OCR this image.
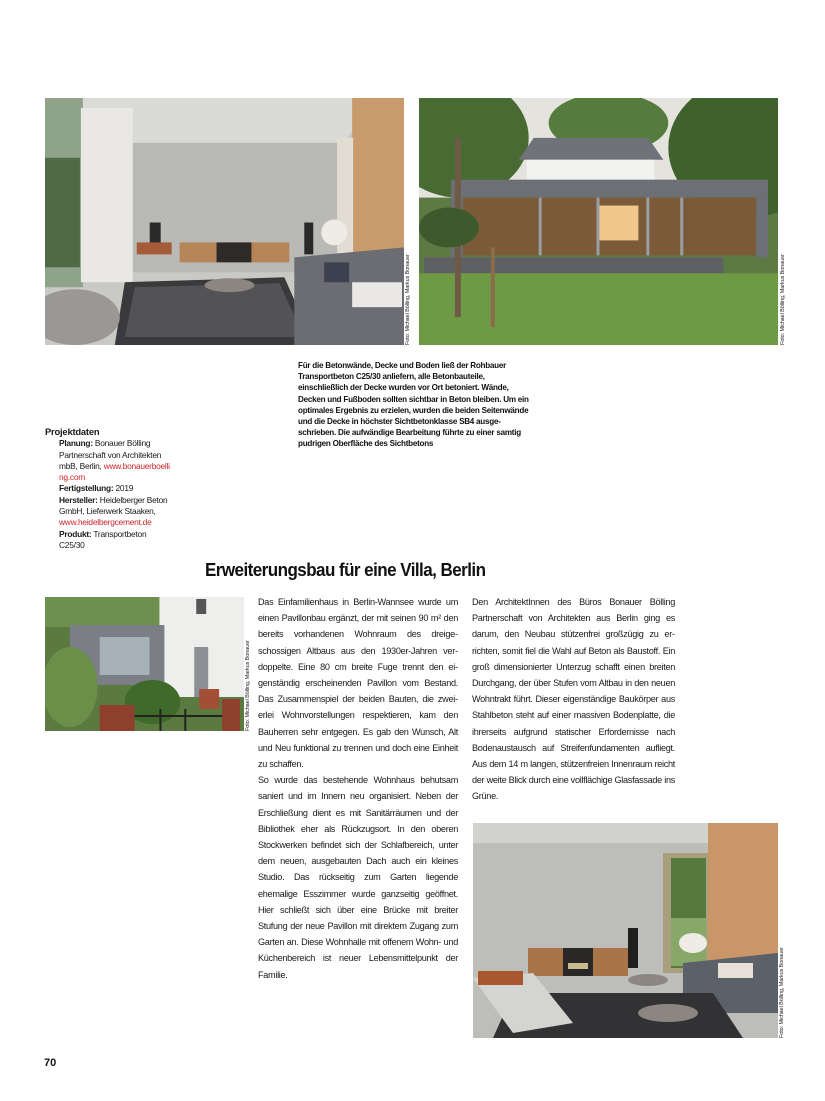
Foto: Michael Bölling, Markus Bonauer	Foto: Michael Bölling, Markus Bonauer
Für die Betonwände, Decke und Boden ließ der Rohbauer Transportbeton C25/30 anliefern, alle Betonbauteile, einschließlich der Decke wurden vor Ort betoniert. Wände, Decken und Fußboden sollten sichtbar in Beton bleiben. Um ein optimales Ergebnis zu erzielen, wurden die beiden Seitenwände und die Decke in höchster Sichtbetonklasse SB4 ausgeschrieben. Die aufwändige Bearbeitung führte zu einer samtig pudrigen Oberfläche des Sichtbetons
Projektdaten
Planung: Bonauer Bölling Partnerschaft von Architekten mbB, Berlin, www.bonauerboelling.com
Fertigstellung: 2019
Hersteller: Heidelberger Beton GmbH, Lieferwerk Staaken, www.heidelbergcement.de
Produkt: Transportbeton C25/30
Erweiterungsbau für eine Villa, Berlin
Foto: Michael Bölling, Markus Bonauer

Das Einfamilienhaus in Berlin-Wannsee wurde um einen Pavillonbau ergänzt, der mit seinen 90 m² den bereits vorhandenen Wohnraum des dreigeschossigen Altbaus aus den 1930er-Jahren verdoppelte. Eine 80 cm breite Fuge trennt den eigenständig erscheinenden Pavillon vom Bestand. Das Zusammenspiel der beiden Bauten, die zweierlei Wohnvorstellungen respektieren, kam den Bauherren sehr entgegen. Es gab den Wunsch, Alt und Neu funktional zu trennen und doch eine Einheit zu schaffen.

So wurde das bestehende Wohnhaus behutsam saniert und im Innern neu organisiert. Neben der Erschließung dient es mit Sanitärräumen und der Bibliothek eher als Rückzugsort. In den oberen Stockwerken befindet sich der Schlafbereich, unter dem neuen, ausgebauten Dach auch ein kleines Studio. Das rückseitig zum Garten liegende ehemalige Esszimmer wurde ganzseitig geöffnet. Hier schließt sich über eine Brücke mit breiter Stufung der neue Pavillon mit direktem Zugang zum Garten an. Diese Wohnhalle mit offenem Wohn- und Küchenbereich ist neuer Lebensmittelpunkt der Familie.

Den ArchitektInnen des Büros Bonauer Bölling Partnerschaft von Architekten aus Berlin ging es darum, den Neubau stützenfrei großzügig zu errichten, somit fiel die Wahl auf Beton als Baustoff. Ein groß dimensionierter Unterzug schafft einen breiten Durchgang, der über Stufen vom Altbau in den neuen Wohntrakt führt. Dieser eigenständige Baukörper aus Stahlbeton steht auf einer massiven Bodenplatte, die ihrerseits aufgrund statischer Erfordernisse nach Bodenaustausch auf Streifenfundamenten aufliegt. Aus dem 14 m langen, stützenfreien Innenraum reicht der weite Blick durch eine vollflächige Glasfassade ins Grüne.

Foto: Michael Bölling, Markus Bonauer
70
